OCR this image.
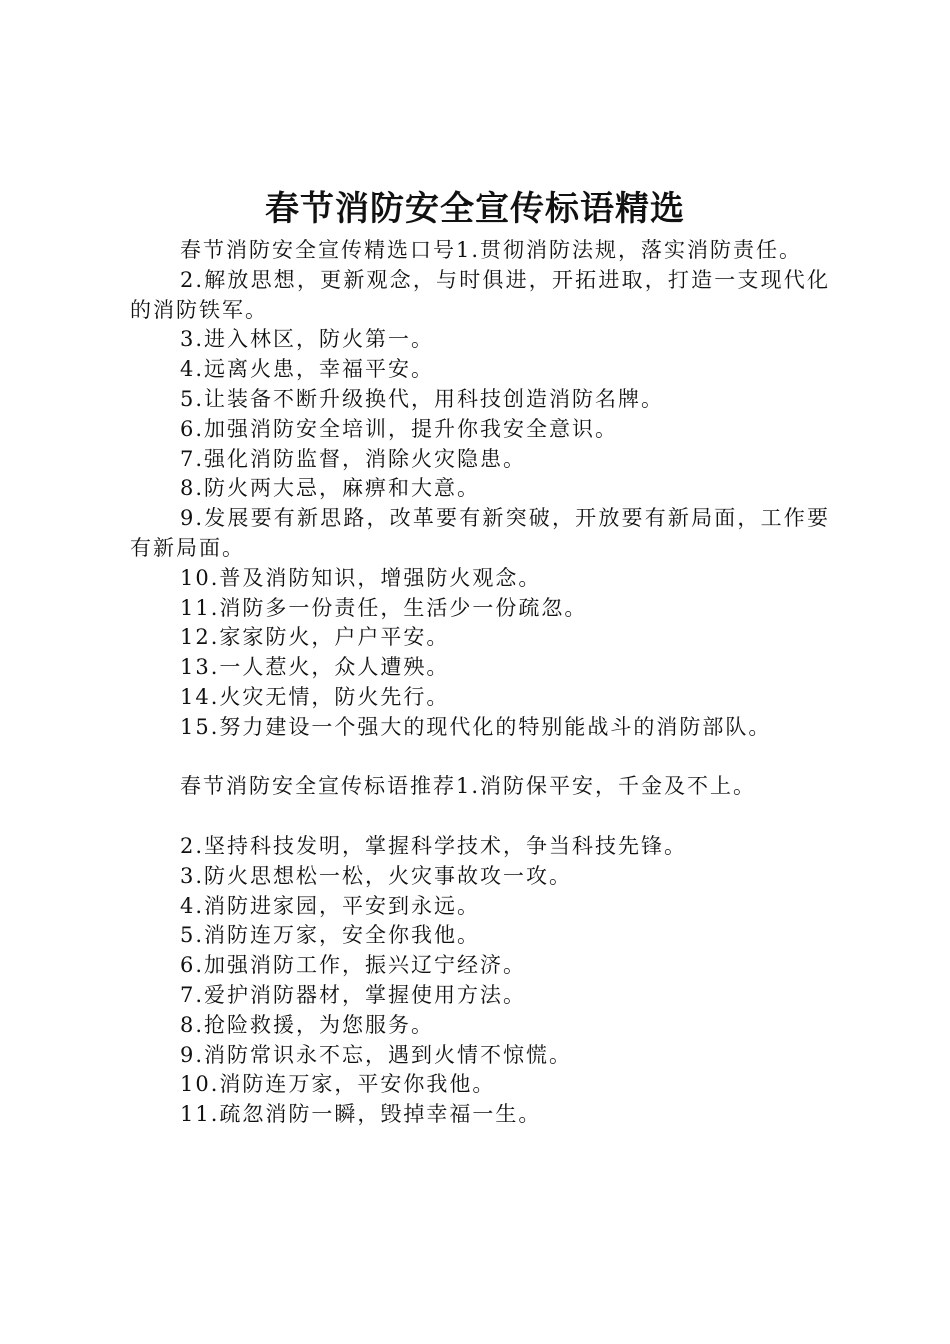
春节消防安全宣传标语精选

春节消防安全宣传精选口号1.贯彻消防法规，落实消防责任。

2.解放思想，更新观念，与时俱进，开拓进取，打造一支现代化的消防铁军。

3.进入林区，防火第一。

4.远离火患，幸福平安。

5.让装备不断升级换代，用科技创造消防名牌。

6.加强消防安全培训，提升你我安全意识。

7.强化消防监督，消除火灾隐患。

8.防火两大忌，麻痹和大意。

9.发展要有新思路，改革要有新突破，开放要有新局面，工作要有新局面。

10.普及消防知识，增强防火观念。

11.消防多一份责任，生活少一份疏忽。

12.家家防火，户户平安。

13.一人惹火，众人遭殃。

14.火灾无情，防火先行。

15.努力建设一个强大的现代化的特别能战斗的消防部队。

春节消防安全宣传标语推荐1.消防保平安，千金及不上。

2.坚持科技发明，掌握科学技术，争当科技先锋。

3.防火思想松一松，火灾事故攻一攻。

4.消防进家园，平安到永远。

5.消防连万家，安全你我他。

6.加强消防工作，振兴辽宁经济。

7.爱护消防器材，掌握使用方法。

8.抢险救援，为您服务。

9.消防常识永不忘，遇到火情不惊慌。

10.消防连万家，平安你我他。

11.疏忽消防一瞬，毁掉幸福一生。
